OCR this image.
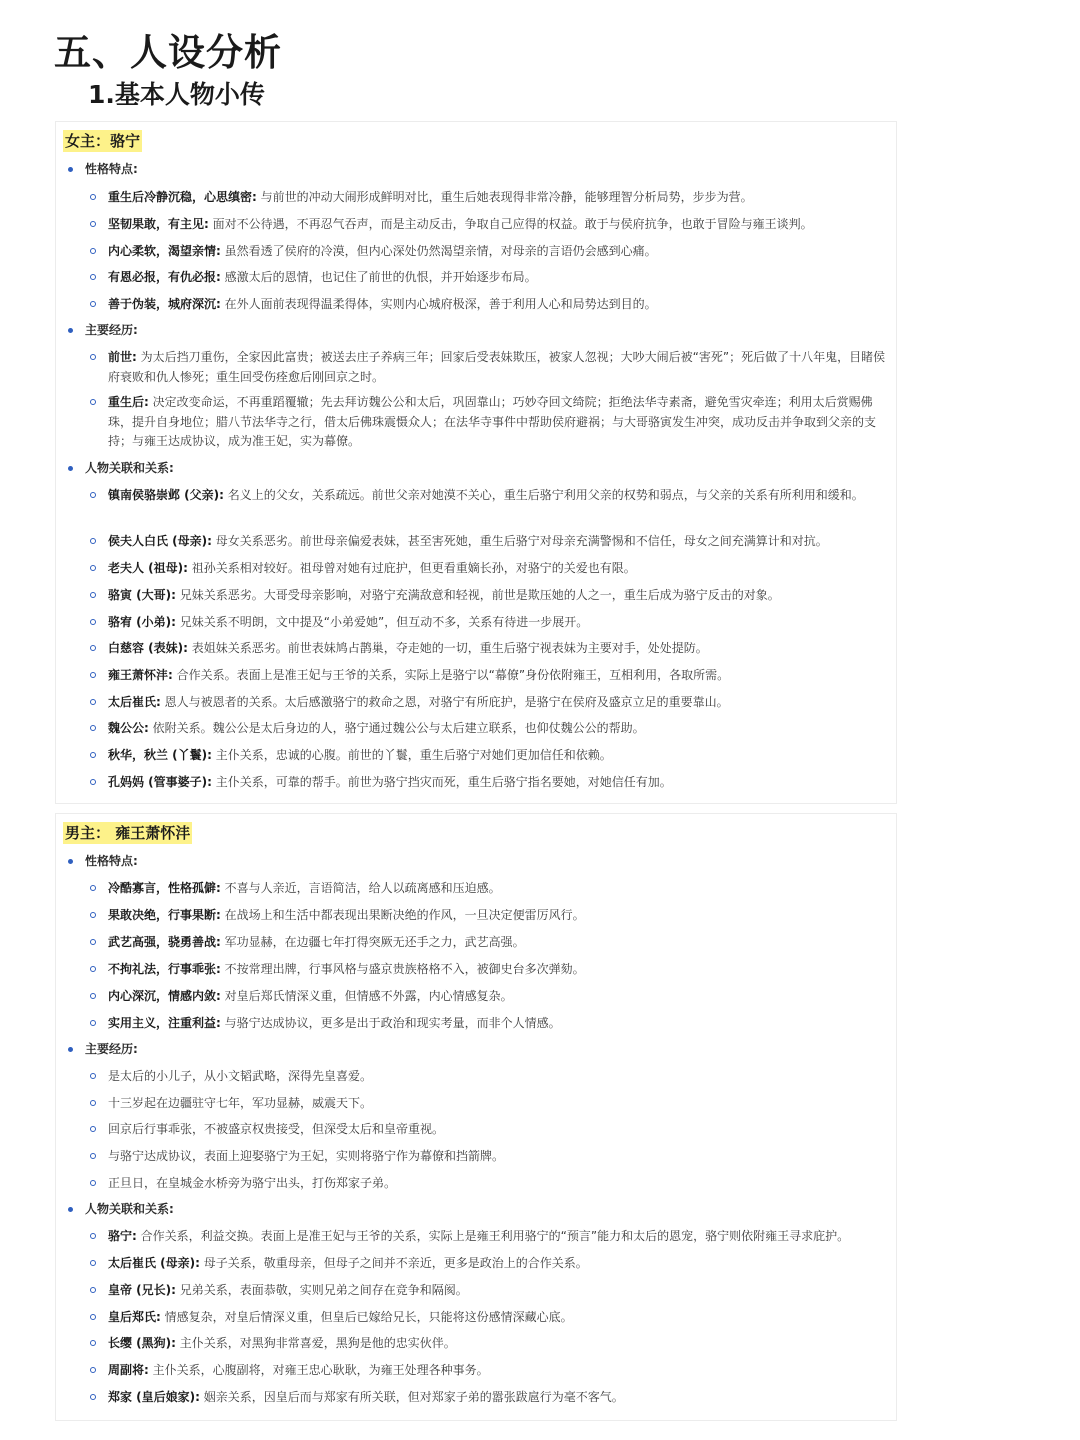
五、人设分析
1.基本人物小传
女主：骆宁
性格特点:
重生后冷静沉稳，心思缜密: 与前世的冲动大闹形成鲜明对比，重生后她表现得非常冷静，能够理智分析局势，步步为营。
坚韧果敢，有主见: 面对不公待遇，不再忍气吞声，而是主动反击，争取自己应得的权益。敢于与侯府抗争，也敢于冒险与雍王谈判。
内心柔软，渴望亲情: 虽然看透了侯府的冷漠，但内心深处仍然渴望亲情，对母亲的言语仍会感到心痛。
有恩必报，有仇必报: 感激太后的恩情，也记住了前世的仇恨，并开始逐步布局。
善于伪装，城府深沉: 在外人面前表现得温柔得体，实则内心城府极深，善于利用人心和局势达到目的。
主要经历:
前世: 为太后挡刀重伤，全家因此富贵；被送去庄子养病三年；回家后受表妹欺压，被家人忽视；大吵大闹后被“害死”；死后做了十八年鬼，目睹侯府衰败和仇人惨死；重生回受伤痊愈后刚回京之时。
重生后: 决定改变命运，不再重蹈覆辙；先去拜访魏公公和太后，巩固靠山；巧妙夺回文绮院；拒绝法华寺素斋，避免雪灾牵连；利用太后赏赐佛珠，提升自身地位；腊八节法华寺之行，借太后佛珠震慑众人；在法华寺事件中帮助侯府避祸；与大哥骆寅发生冲突，成功反击并争取到父亲的支持；与雍王达成协议，成为准王妃，实为幕僚。
人物关联和关系:
镇南侯骆崇邺 (父亲): 名义上的父女，关系疏远。前世父亲对她漠不关心，重生后骆宁利用父亲的权势和弱点，与父亲的关系有所利用和缓和。
侯夫人白氏 (母亲): 母女关系恶劣。前世母亲偏爱表妹，甚至害死她，重生后骆宁对母亲充满警惕和不信任，母女之间充满算计和对抗。
老夫人 (祖母): 祖孙关系相对较好。祖母曾对她有过庇护，但更看重嫡长孙，对骆宁的关爱也有限。
骆寅 (大哥): 兄妹关系恶劣。大哥受母亲影响，对骆宁充满敌意和轻视，前世是欺压她的人之一，重生后成为骆宁反击的对象。
骆宥 (小弟): 兄妹关系不明朗，文中提及“小弟爱她”，但互动不多，关系有待进一步展开。
白慈容 (表妹): 表姐妹关系恶劣。前世表妹鸠占鹊巢，夺走她的一切，重生后骆宁视表妹为主要对手，处处提防。
雍王萧怀沣: 合作关系。表面上是准王妃与王爷的关系，实际上是骆宁以“幕僚”身份依附雍王，互相利用，各取所需。
太后崔氏: 恩人与被恩者的关系。太后感激骆宁的救命之恩，对骆宁有所庇护，是骆宁在侯府及盛京立足的重要靠山。
魏公公: 依附关系。魏公公是太后身边的人，骆宁通过魏公公与太后建立联系，也仰仗魏公公的帮助。
秋华，秋兰 (丫鬟): 主仆关系，忠诚的心腹。前世的丫鬟，重生后骆宁对她们更加信任和依赖。
孔妈妈 (管事婆子): 主仆关系，可靠的帮手。前世为骆宁挡灾而死，重生后骆宁指名要她，对她信任有加。
男主： 雍王萧怀沣
性格特点:
冷酷寡言，性格孤僻: 不喜与人亲近，言语简洁，给人以疏离感和压迫感。
果敢决绝，行事果断: 在战场上和生活中都表现出果断决绝的作风，一旦决定便雷厉风行。
武艺高强，骁勇善战: 军功显赫，在边疆七年打得突厥无还手之力，武艺高强。
不拘礼法，行事乖张: 不按常理出牌，行事风格与盛京贵族格格不入，被御史台多次弹劾。
内心深沉，情感内敛: 对皇后郑氏情深义重，但情感不外露，内心情感复杂。
实用主义，注重利益: 与骆宁达成协议，更多是出于政治和现实考量，而非个人情感。
主要经历:
是太后的小儿子，从小文韬武略，深得先皇喜爱。
十三岁起在边疆驻守七年，军功显赫，威震天下。
回京后行事乖张，不被盛京权贵接受，但深受太后和皇帝重视。
与骆宁达成协议，表面上迎娶骆宁为王妃，实则将骆宁作为幕僚和挡箭牌。
正旦日，在皇城金水桥旁为骆宁出头，打伤郑家子弟。
人物关联和关系:
骆宁: 合作关系，利益交换。表面上是准王妃与王爷的关系，实际上是雍王利用骆宁的“预言”能力和太后的恩宠，骆宁则依附雍王寻求庇护。
太后崔氏 (母亲): 母子关系，敬重母亲，但母子之间并不亲近，更多是政治上的合作关系。
皇帝 (兄长): 兄弟关系，表面恭敬，实则兄弟之间存在竞争和隔阂。
皇后郑氏: 情感复杂，对皇后情深义重，但皇后已嫁给兄长，只能将这份感情深藏心底。
长缨 (黑狗): 主仆关系，对黑狗非常喜爱，黑狗是他的忠实伙伴。
周副将: 主仆关系，心腹副将，对雍王忠心耿耿，为雍王处理各种事务。
郑家 (皇后娘家): 姻亲关系，因皇后而与郑家有所关联，但对郑家子弟的嚣张跋扈行为毫不客气。
